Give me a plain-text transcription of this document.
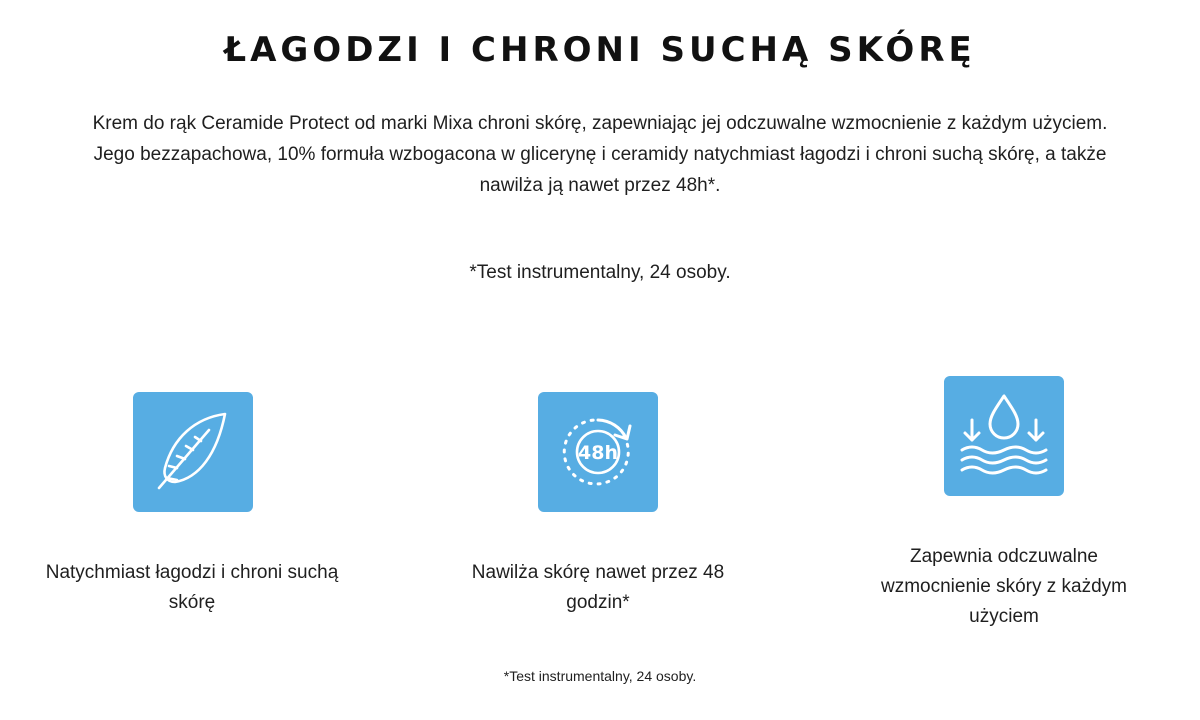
ŁAGODZI I CHRONI SUCHĄ SKÓRĘ

Krem do rąk Ceramide Protect od marki Mixa chroni skórę, zapewniając jej odczuwalne wzmocnienie z każdym użyciem. Jego bezzapachowa, 10% formuła wzbogacona w glicerynę i ceramidy natychmiast łagodzi i chroni suchą skórę, a także nawilża ją nawet przez 48h*.

*Test instrumentalny, 24 osoby.

Natychmiast łagodzi i chroni suchą skórę

48h

Nawilża skórę nawet przez 48 godzin*

Zapewnia odczuwalne wzmocnienie skóry z każdym użyciem

*Test instrumentalny, 24 osoby.
